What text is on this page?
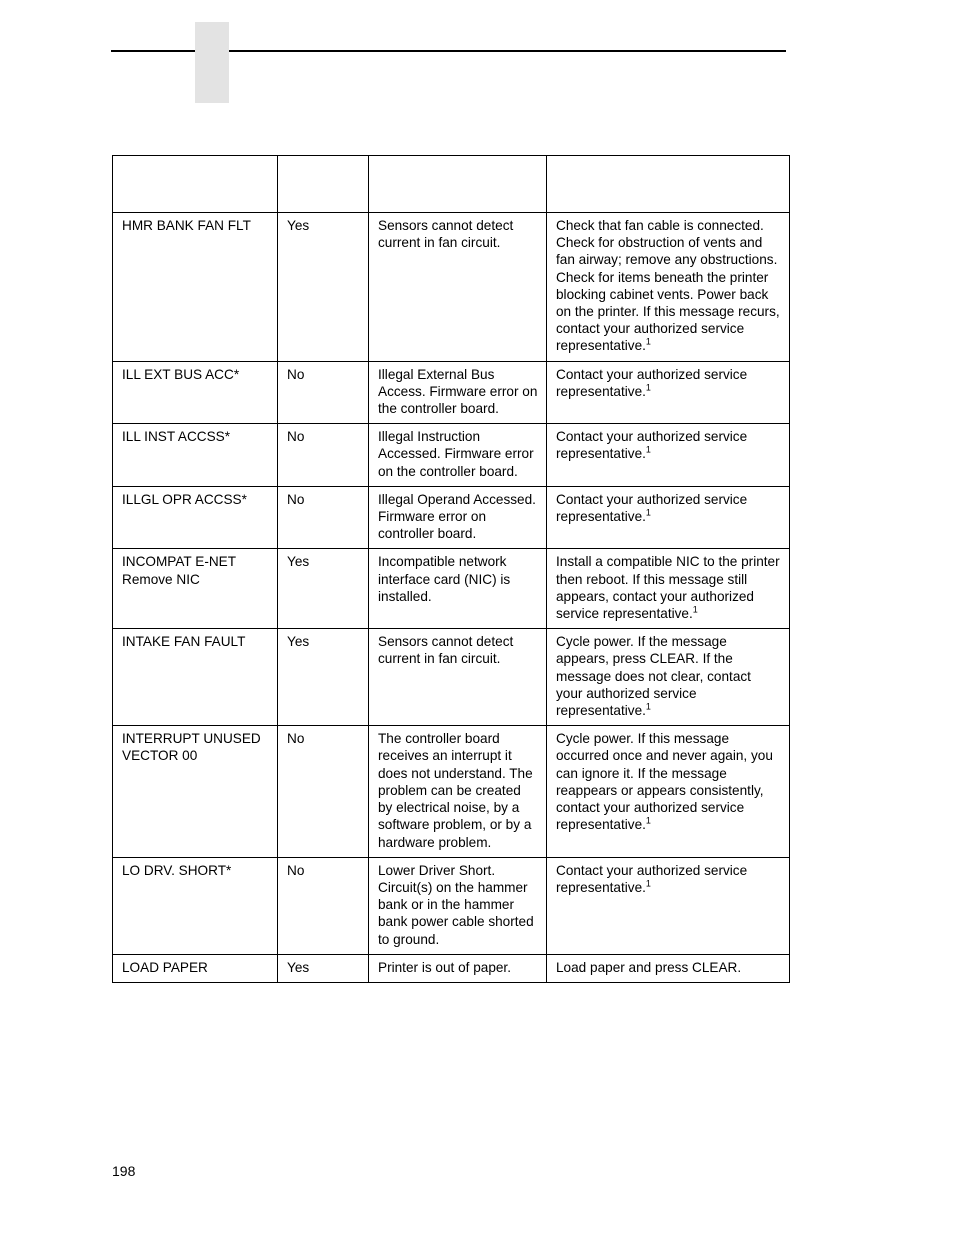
HMR BANK FAN FLT	Yes	Sensors cannot detect current in fan circuit.	Check that fan cable is connected. Check for obstruction of vents and fan airway; remove any obstructions. Check for items beneath the printer blocking cabinet vents. Power back on the printer. If this message recurs, contact your authorized service representative.$^1$
ILL EXT BUS ACC*	No	Illegal External Bus Access. Firmware error on the controller board.	Contact your authorized service representative.$^1$
ILL INST ACCSS*	No	Illegal Instruction Accessed. Firmware error on the controller board.	Contact your authorized service representative.$^1$
ILLGL OPR ACCSS*	No	Illegal Operand Accessed. Firmware error on controller board.	Contact your authorized service representative.$^1$
INCOMPAT E-NET Remove NIC	Yes	Incompatible network interface card (NIC) is installed.	Install a compatible NIC to the printer then reboot. If this message still appears, contact your authorized service representative.$^1$
INTAKE FAN FAULT	Yes	Sensors cannot detect current in fan circuit.	Cycle power. If the message appears, press CLEAR. If the message does not clear, contact your authorized service representative.$^1$
INTERRUPT UNUSED VECTOR 00	No	The controller board receives an interrupt it does not understand. The problem can be created by electrical noise, by a software problem, or by a hardware problem.	Cycle power. If this message occurred once and never again, you can ignore it. If the message reappears or appears consistently, contact your authorized service representative.$^1$
LO DRV. SHORT*	No	Lower Driver Short. Circuit(s) on the hammer bank or in the hammer bank power cable shorted to ground.	Contact your authorized service representative.$^1$
LOAD PAPER	Yes	Printer is out of paper.	Load paper and press CLEAR.
198
